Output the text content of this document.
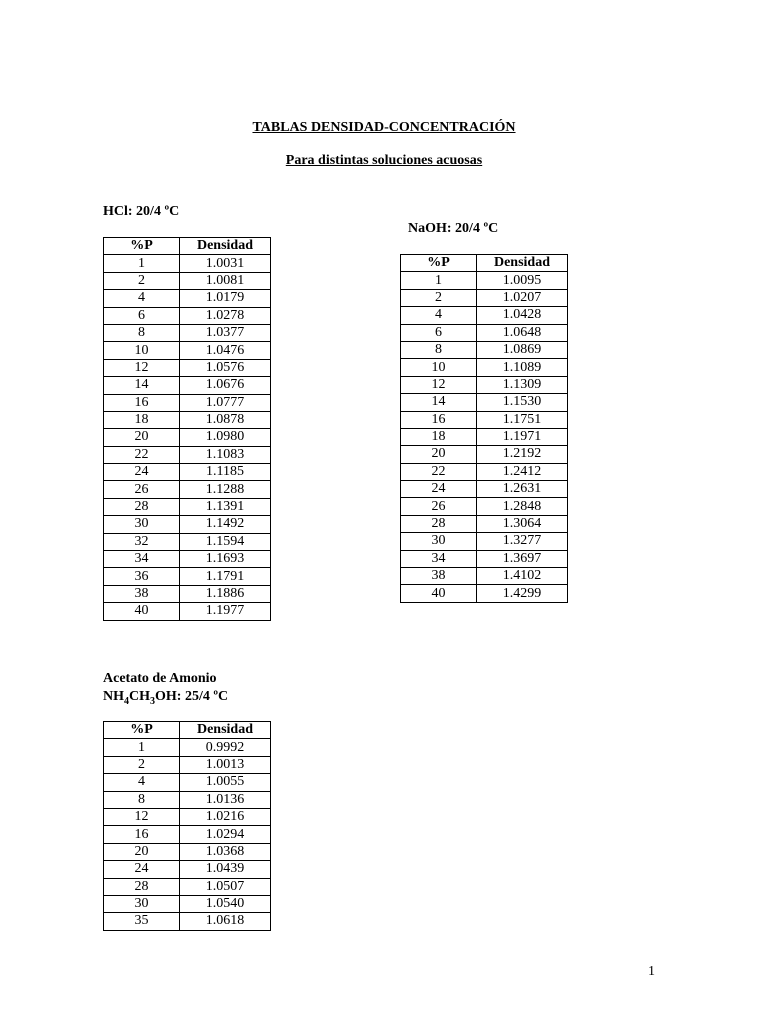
TABLAS DENSIDAD-CONCENTRACIÓN
Para distintas soluciones acuosas
HCl: 20/4 ºC
%P	Densidad
1	1.0031
2	1.0081
4	1.0179
6	1.0278
8	1.0377
10	1.0476
12	1.0576
14	1.0676
16	1.0777
18	1.0878
20	1.0980
22	1.1083
24	1.1185
26	1.1288
28	1.1391
30	1.1492
32	1.1594
34	1.1693
36	1.1791
38	1.1886
40	1.1977
NaOH: 20/4 ºC
%P	Densidad
1	1.0095
2	1.0207
4	1.0428
6	1.0648
8	1.0869
10	1.1089
12	1.1309
14	1.1530
16	1.1751
18	1.1971
20	1.2192
22	1.2412
24	1.2631
26	1.2848
28	1.3064
30	1.3277
34	1.3697
38	1.4102
40	1.4299
Acetato de Amonio
$NH_4CH_3OH$: 25/4 ºC
%P	Densidad
1	0.9992
2	1.0013
4	1.0055
8	1.0136
12	1.0216
16	1.0294
20	1.0368
24	1.0439
28	1.0507
30	1.0540
35	1.0618
1
